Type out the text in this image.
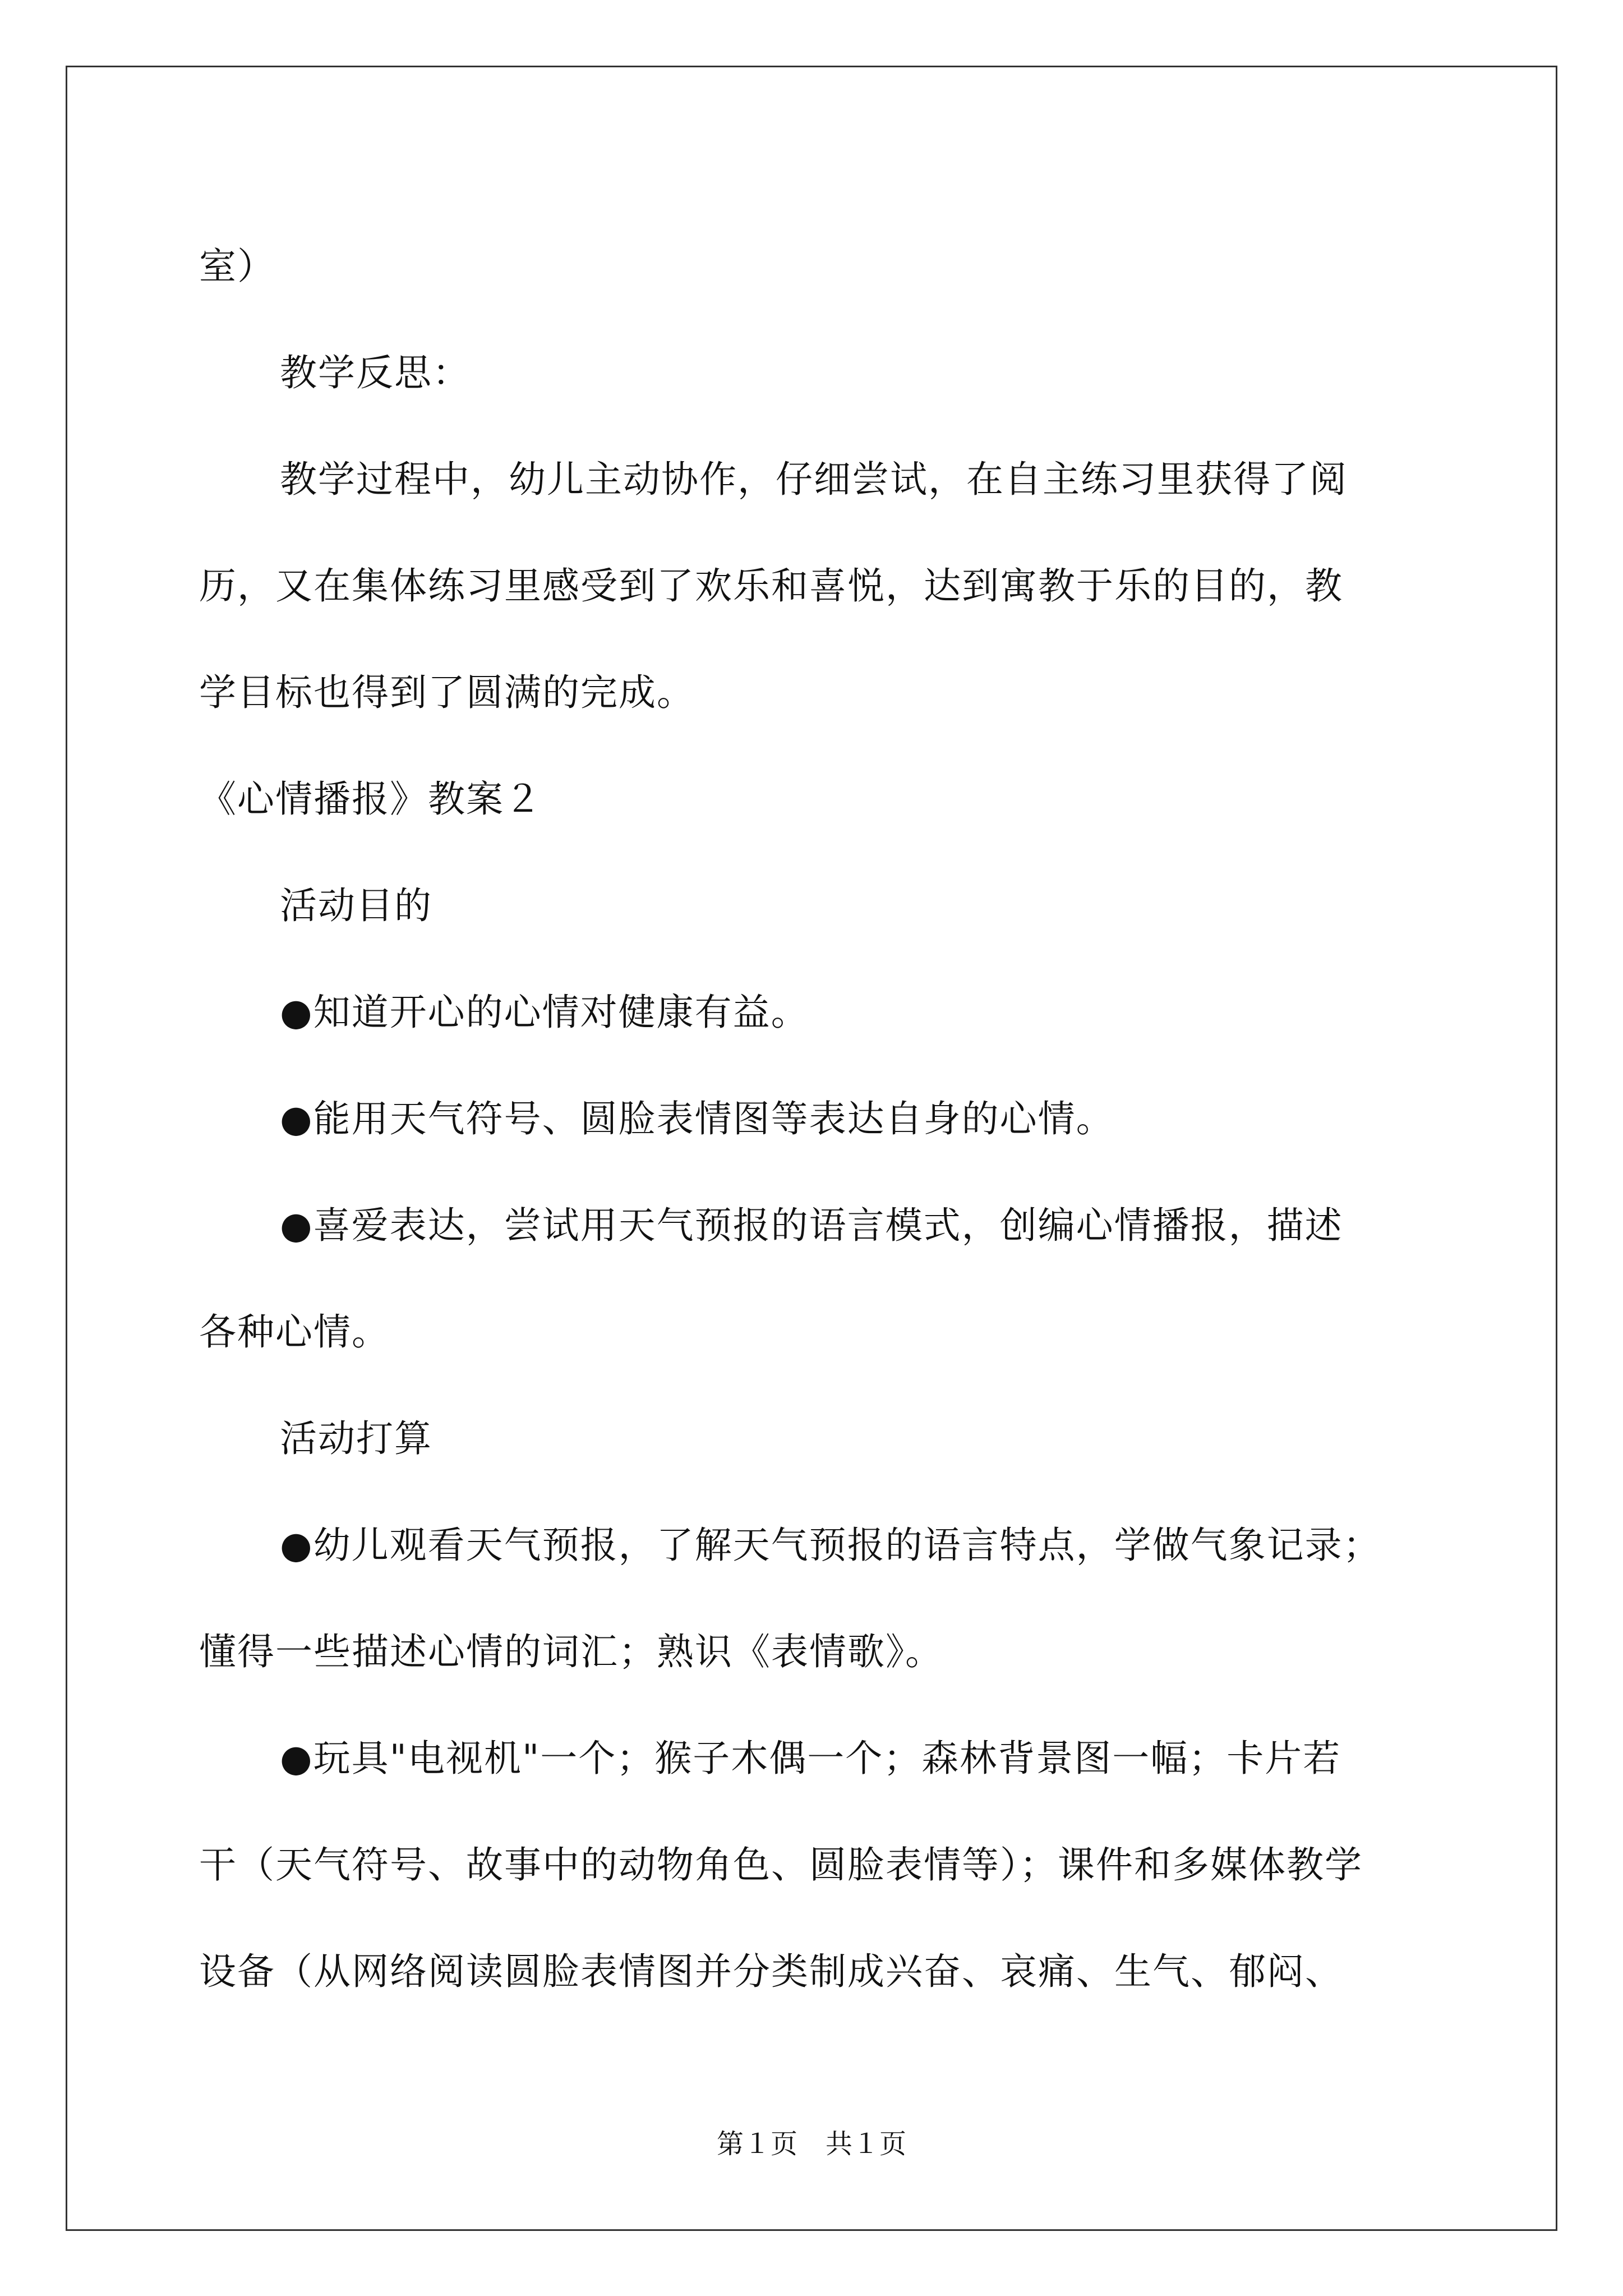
室）
教学反思：
教学过程中，幼儿主动协作，仔细尝试，在自主练习里获得了阅
历，又在集体练习里感受到了欢乐和喜悦，达到寓教于乐的目的，教
学目标也得到了圆满的完成。
《心情播报》教案２
活动目的
●知道开心的心情对健康有益。
●能用天气符号、圆脸表情图等表达自身的心情。
●喜爱表达，尝试用天气预报的语言模式，创编心情播报，描述
各种心情。
活动打算
●幼儿观看天气预报，了解天气预报的语言特点，学做气象记录；
懂得一些描述心情的词汇；熟识《表情歌》。
●玩具"电视机"一个；猴子木偶一个；森林背景图一幅；卡片若
干（天气符号、故事中的动物角色、圆脸表情等）；课件和多媒体教学
设备（从网络阅读圆脸表情图并分类制成兴奋、哀痛、生气、郁闷、
第１页 共１页
